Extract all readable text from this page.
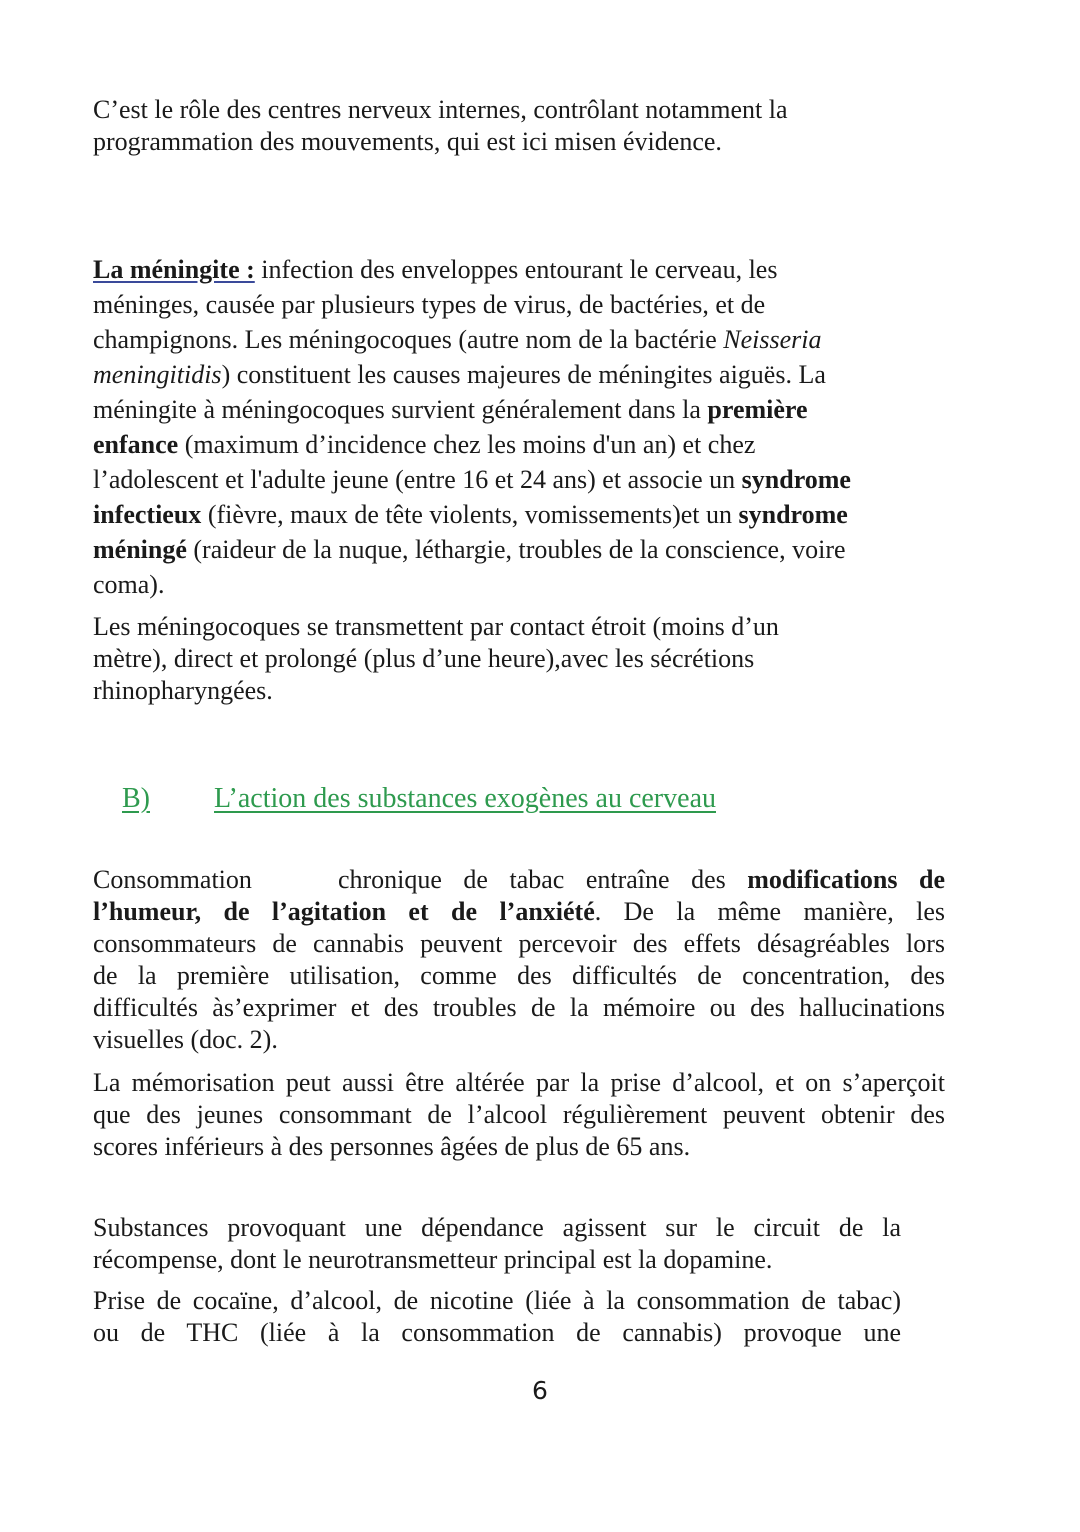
C’est le rôle des centres nerveux internes, contrôlant notamment la
programmation des mouvements, qui est ici misen évidence.

La méningite : infection des enveloppes entourant le cerveau, les
méninges, causée par plusieurs types de virus, de bactéries, et de
champignons. Les méningocoques (autre nom de la bactérie Neisseria
meningitidis) constituent les causes majeures de méningites aiguës. La
méningite à méningocoques survient généralement dans la première
enfance (maximum d’incidence chez les moins d'un an) et chez
l’adolescent et l'adulte jeune (entre 16 et 24 ans) et associe un syndrome
infectieux (fièvre, maux de tête violents, vomissements)et un syndrome
méningé (raideur de la nuque, léthargie, troubles de la conscience, voire
coma).

Les méningocoques se transmettent par contact étroit (moins d’un
mètre), direct et prolongé (plus d’une heure),avec les sécrétions
rhinopharyngées.

B) L’action des substances exogènes au cerveau

Consommation    chronique de tabac entraîne des modifications de
l’humeur, de l’agitation et de l’anxiété. De la même manière, les
consommateurs de cannabis peuvent percevoir des effets désagréables lors
de la première utilisation, comme des difficultés de concentration, des
difficultés às’exprimer et des troubles de la mémoire ou des hallucinations
visuelles (doc. 2).

La mémorisation peut aussi être altérée par la prise d’alcool, et on s’aperçoit
que des jeunes consommant de l’alcool régulièrement peuvent obtenir des
scores inférieurs à des personnes âgées de plus de 65 ans.

Substances provoquant une dépendance agissent sur le circuit de la
récompense, dont le neurotransmetteur principal est la dopamine.

Prise de cocaïne, d’alcool, de nicotine (liée à la consommation de tabac)
ou de THC (liée à la consommation de cannabis) provoque une

6
